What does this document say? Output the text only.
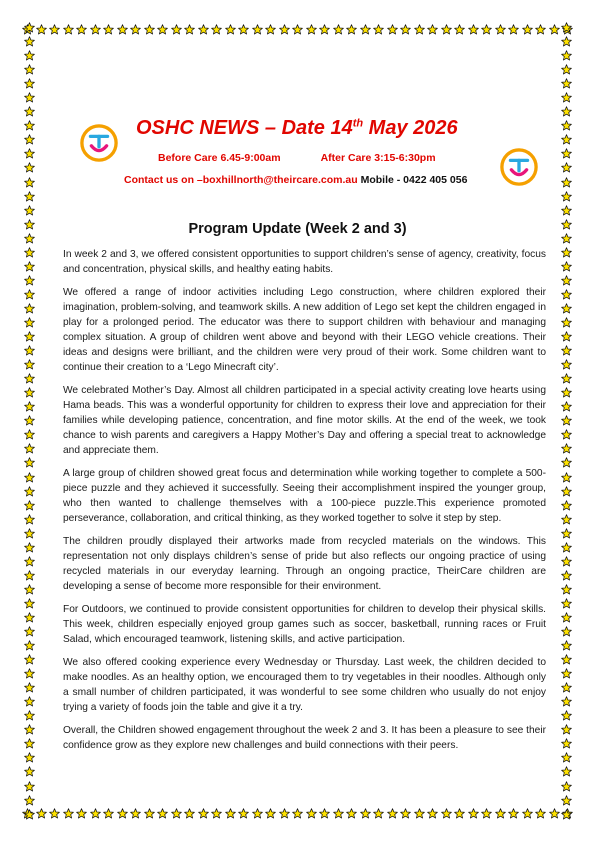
OSHC NEWS – Date 14th May 2026
Before Care 6.45-9:00am	After Care 3:15-6:30pm
Contact us on –boxhillnorth@theircare.com.au Mobile - 0422 405 056
Program Update (Week 2 and 3)

In week 2 and 3, we offered consistent opportunities to support children’s sense of agency, creativity, focus and concentration, physical skills, and healthy eating habits.

We offered a range of indoor activities including Lego construction, where children explored their imagination, problem-solving, and teamwork skills. A new addition of Lego set kept the children engaged in play for a prolonged period. The educator was there to support children with behaviour and managing complex situation. A group of children went above and beyond with their LEGO vehicle creations. Their ideas and designs were brilliant, and the children were very proud of their work. Some children want to continue their creation to a ‘Lego Minecraft city’.

We celebrated Mother’s Day. Almost all children participated in a special activity creating love hearts using Hama beads. This was a wonderful opportunity for children to express their love and appreciation for their families while developing patience, concentration, and fine motor skills. At the end of the week, we took chance to wish parents and caregivers a Happy Mother’s Day and offering a special treat to acknowledge and appreciate them.

A large group of children showed great focus and determination while working together to complete a 500-piece puzzle and they achieved it successfully. Seeing their accomplishment inspired the younger group, who then wanted to challenge themselves with a 100-piece puzzle.This experience promoted perseverance, collaboration, and critical thinking, as they worked together to solve it step by step.

The children proudly displayed their artworks made from recycled materials on the windows. This representation not only displays children’s sense of pride but also reflects our ongoing practice of using recycled materials in our everyday learning. Through an ongoing practice, TheirCare children are developing a sense of become more responsible for their environment.

For Outdoors, we continued to provide consistent opportunities for children to develop their physical skills. This week, children especially enjoyed group games such as soccer, basketball, running races or Fruit Salad, which encouraged teamwork, listening skills, and active participation.

We also offered cooking experience every Wednesday or Thursday. Last week, the children decided to make noodles. As an healthy option, we encouraged them to try vegetables in their noodles. Although only a small number of children participated, it was wonderful to see some children who usually do not enjoy trying a variety of foods join the table and give it a try.

Overall, the Children showed engagement throughout the week 2 and 3. It has been a pleasure to see their confidence grow as they explore new challenges and build connections with their peers.
